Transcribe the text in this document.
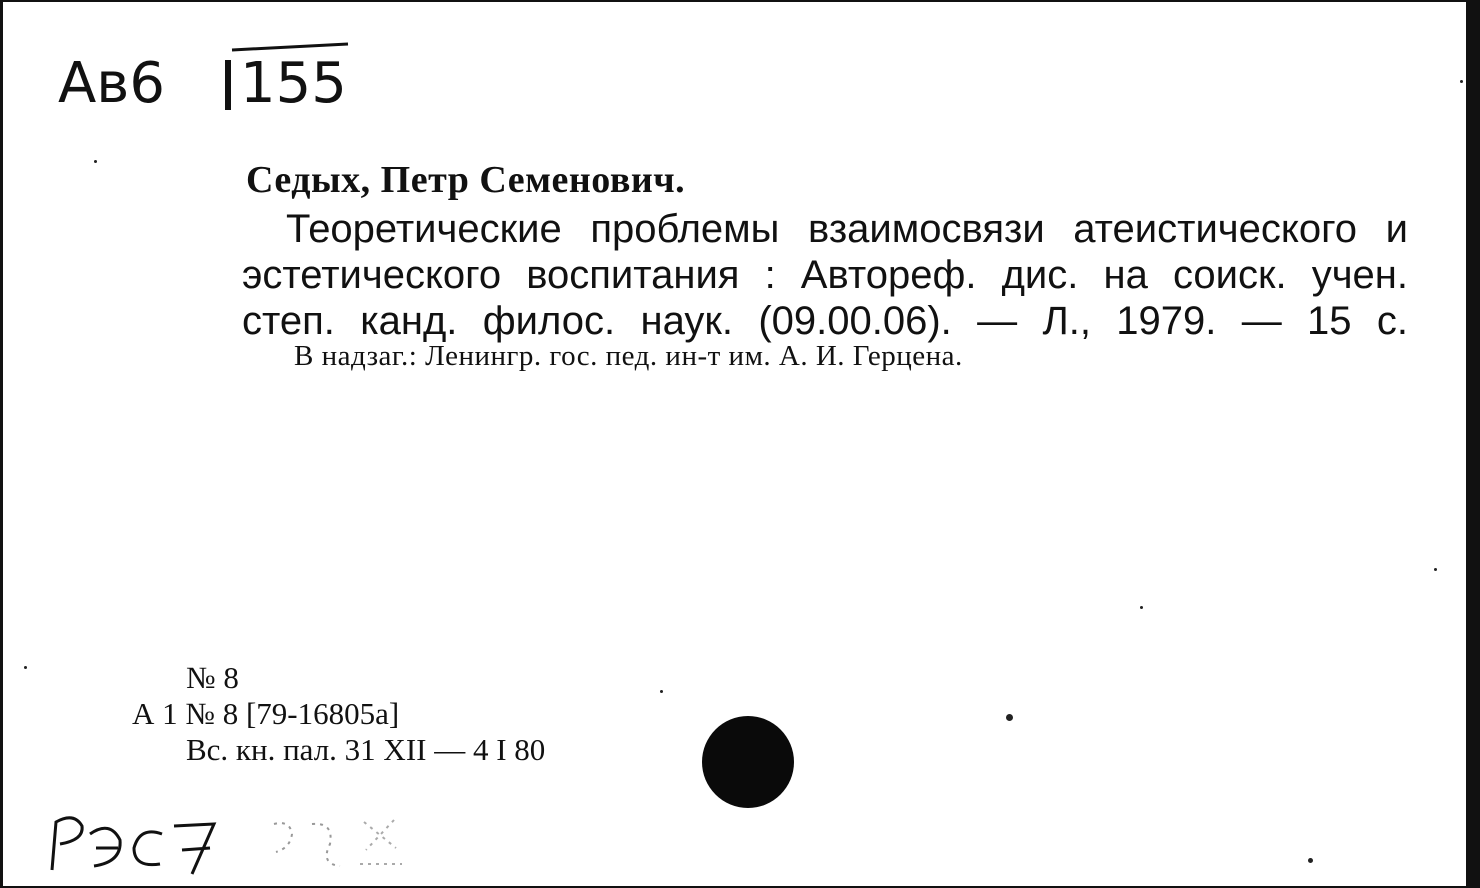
Ав6 155
Седых, Петр Семенович.
Теоретические проблемы взаимосвязи атеистического и
эстетического воспитания : Автореф. дис. на соиск. учен.
степ. канд. филос. наук. (09.00.06). — Л., 1979. — 15 с.
В надзаг.: Ленингр. гос. пед. ин-т им. А. И. Герцена.
№ 8
А 1 № 8 [79-16805а]
Вс. кн. пал. 31 XII — 4 I 80
